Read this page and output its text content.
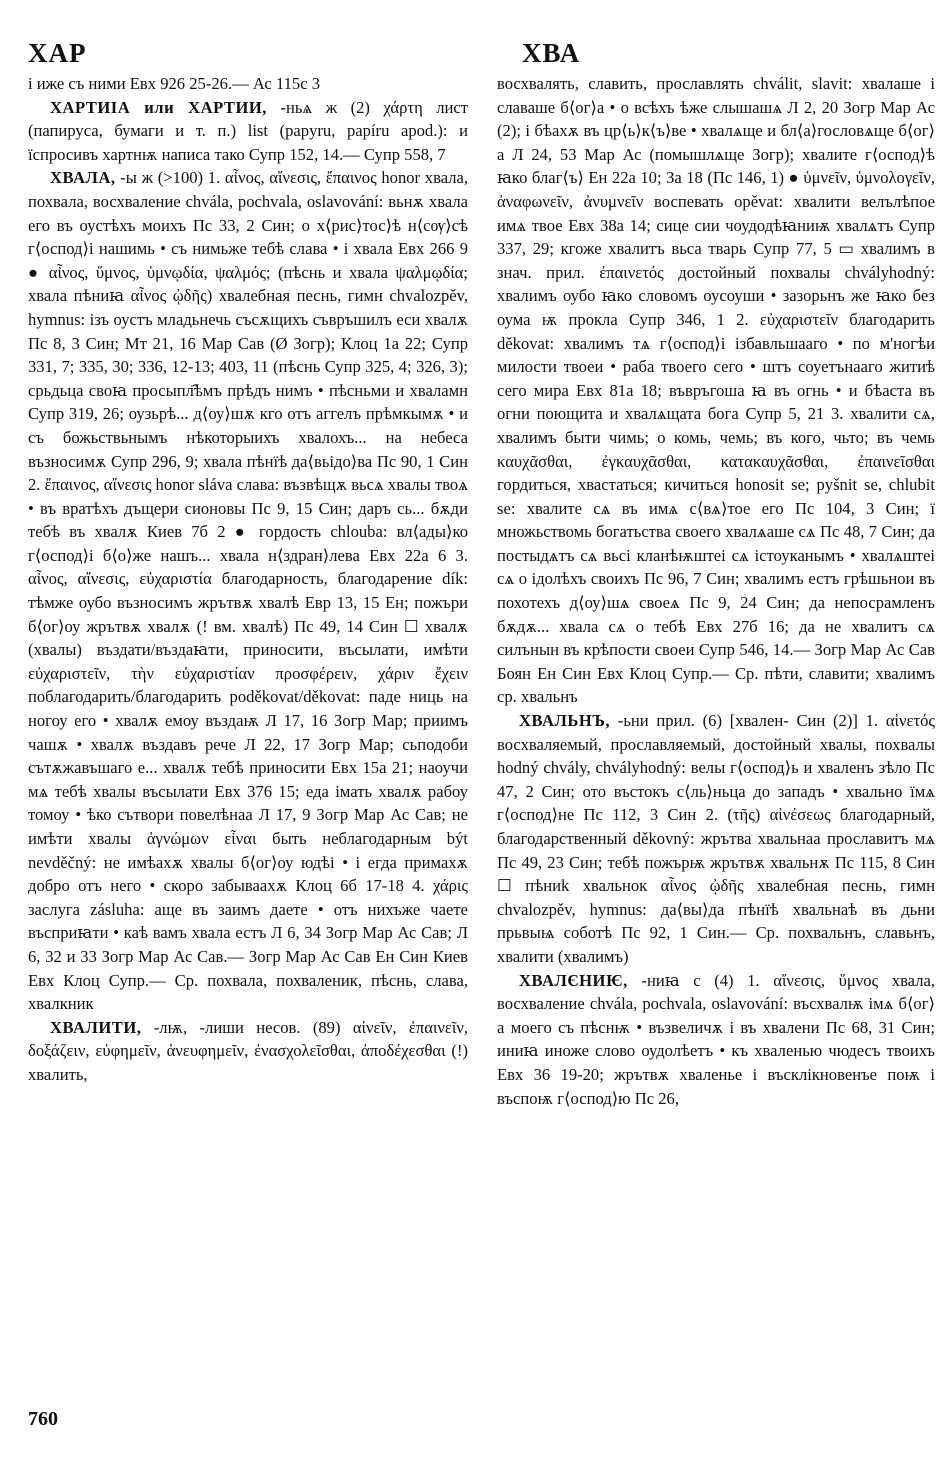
ХАР	ХВА

і иже съ ними Евх 926 25-26.— Ас 115с 3

ХАРТИІА или ХАРТИИ, -ньѧ ж (2) χάρτη лист (папируса, бумаги и т. п.) list (papyru, papíru apod.): и їспросивъ хартнѭ написа тако Супр 152, 14.— Супр 558, 7

ХВАЛА, -ы ж (>100) 1. αἶνος, αἴνεσις, ἔπαινος honor хвала, похвала, восхваление chvála, pochvala, oslavování: вьнѫ хвала его въ оустѣхъ моихъ Пс 33, 2 Син; о х⟨рис⟩тос⟩ѣ н⟨сѹ⟩сѣ г⟨оспод⟩і нашимь • съ нимьже тебѣ слава • і хвала Евх 266 9 ● αἶνος, ὕμνος, ὑμνῳδία, ψαλμός; (пѣснь и хвала ψαλμῳδία; хвала пѣниꙗ αἶνος ᾠδῆς) хвалебная песнь, гимн chvalozpěv, hymnus: ізъ оустъ младьнечь съсѫщихъ съвръшилъ еси хвалѫ Пс 8, 3 Син; Мт 21, 16 Мар Сав (Ø Зогр); Клоц 1а 22; Супр 331, 7; 335, 30; 336, 12-13; 403, 11 (пѣснь Супр 325, 4; 326, 3); срьдьца своꙗ просыпл҄ѣмъ прѣдъ нимъ • пѣсньми и хваламн Супр 319, 26; оузьрѣ... д⟨оу⟩шѫ кго отъ аггелъ прѣмкымѫ • и съ божьствьнымъ нѣкоторыихъ хвалохъ... на небеса възносимѫ Супр 296, 9; хвала пѣнїѣ да⟨вьідо⟩ва Пс 90, 1 Син 2. ἔπαινος, αἴνεσις honor sláva слава: възвѣщѫ вьсѧ хвалы твоѧ • въ вратѣхъ дъщери сионовы Пс 9, 15 Син; даръ сь... бѫди тебѣ въ хвалѫ Киев 7б 2 ● гордость chlouba: вл⟨ады⟩ко г⟨оспод⟩і б⟨о⟩же нашъ... хвала н⟨здран⟩лева Евх 22а 6 3. αἶνος, αἴνεσις, εὐχαριστία благодарность, благодарение dík: тѣмже оубо възносимъ жрътвѫ хвалѣ Евр 13, 15 Ен; пожъри б⟨ог⟩оу жрътвѫ хвалѫ (! вм. хвалѣ) Пс 49, 14 Син ☐ хвалѫ (хвалы) въздати/въздаꙗти, приносити, въсылати, имѣти εὐχαριστεῖν, τὴν εὐχαριστίαν προσφέρειν, χάριν ἔχειν поблагодарить/благодарить poděkovat/děkovat: паде ниць на ногоу его • хвалѫ емоу въздаѭ Л 17, 16 Зогр Мар; приимъ чашѫ • хвалѫ въздавъ рече Л 22, 17 Зогр Мар; сьподоби сътѫжавъшаго е... хвалѫ тебѣ приносити Евх 15а 21; наоучи мѧ тебѣ хвалы въсылати Евх 376 15; еда імать хвалѫ рабоу томоу • ѣко сътвори повелѣнаа Л 17, 9 Зогр Мар Ас Сав; не имѣти хвалы ἀγνώμων εἶναι быть неблагодарным být nevděčný: не имѣахѫ хвалы б⟨ог⟩оу юдѣі • і егда примахѫ добро отъ него • скоро забываахѫ Клоц 6б 17-18 4. χάρις заслуга zásluha: аще въ заимъ даете • отъ нихъже чаете въсприꙗти • каѣ вамъ хвала естъ Л 6, 34 Зогр Мар Ас Сав; Л 6, 32 и 33 Зогр Мар Ас Сав.— Зогр Мар Ас Сав Ен Син Киев Евх Клоц Супр.— Ср. похвала, похваленик, пѣснь, слава, хвалкник

ХВАЛИТИ, -лѭ, -лиши несов. (89) αἰνεῖν, ἐπαινεῖν, δοξάζειν, εὐφημεῖν, ἀνευφημεῖν, ἐνασχολεῖσθαι, ἀποδέχεσθαι (!) хвалить,

восхвалять, славить, прославлять chválit, slavit: хвалаше і славаше б⟨ог⟩а • о всѣхъ ѣже слышашѧ Л 2, 20 Зогр Мар Ас (2); і бѣахѫ въ цр⟨ь⟩к⟨ъ⟩ве • хвалѧще и бл⟨а⟩гословѧще б⟨ог⟩а Л 24, 53 Мар Ас (помышлѧще Зогр); хвалите г⟨оспод⟩ѣ ꙗко благ⟨ъ⟩ Ен 22а 10; За 18 (Пс 146, 1) ● ὑμνεῖν, ὑμνολογεῖν, ἀναφωνεῖν, ἀνυμνεῖν воспевать opěvat: хвалити велълѣпое имѧ твое Евх 38а 14; сице сии чоудодѣꙗниѭ хвалѧтъ Супр 337, 29; кгоже хвалитъ вьса тварь Супр 77, 5 ▭ хвалимъ в знач. прил. ἐπαινετός достойный похвалы chvályhodný: хвалимъ оубо ꙗко словомъ оусоуши • зазорьнъ же ꙗко без оума ѭ прокла Супр 346, 1 2. εὐχαριστεῖν благодарить děkovat: хвалимъ тѧ г⟨оспод⟩і ізбавльшааго • по м'ногѣи милости твоеи • раба твоего сего • штъ соуетънааго житиѣ сего мира Евх 81а 18; въвръгоша ꙗ въ огнь • и бѣаста въ огни поющита и хвалѧщата бога Супр 5, 21 3. хвалити сѧ, хвалимъ быти чимь; о комь, чемь; въ кого, чьто; въ чемь καυχᾶσθαι, ἐγκαυχᾶσθαι, κατακαυχᾶσθαι, ἐπαινεῖσθαι гордиться, хвастаться; кичиться honosit se; pyšnit se, chlubit se: хвалите сѧ въ имѧ с⟨вѧ⟩тое его Пс 104, 3 Син; ї множьствомь богатьства своего хвалѧаше сѧ Пс 48, 7 Син; да постыдѧтъ сѧ вьсі кланѣѭштеі сѧ істоуканымъ • хвалѧштеі сѧ о ідолѣхъ своихъ Пс 96, 7 Син; хвалимъ естъ грѣшьнои въ похотехъ д⟨оу⟩шѧ своеѧ Пс 9, 24 Син; да непосрамленъ бѫдѫ... хвала сѧ о тебѣ Евх 27б 16; да не хвалитъ сѧ силънын въ крѣпости своеи Супр 546, 14.— Зогр Мар Ас Сав Боян Ен Син Евх Клоц Супр.— Ср. пѣти, славити; хвалимъ ср. хвальнъ

ХВАЛЬНЪ, -ьни прил. (6) [хвален- Син (2)] 1. αἰνετός восхваляемый, прославляемый, достойный хвалы, похвалы hodný chvály, chvályhodný: велы г⟨оспод⟩ь и хваленъ зѣло Пс 47, 2 Син; ото въстокъ с⟨ль⟩ньца до западъ • хвально їмѧ г⟨оспод⟩не Пс 112, 3 Син 2. (τῆς) αἰνέσεως благодарный, благодарственный děkovný: жрътва хвальнаа прославитъ мѧ Пс 49, 23 Син; тебѣ пожърѭ жрътвѫ хвальнѫ Пс 115, 8 Син ☐ пѣниk хвальнок αἶνος ᾠδῆς хвалебная песнь, гимн chvalozpěv, hymnus: да⟨вы⟩да пѣнїѣ хвальнаѣ въ дьни прьвыѩ соботѣ Пс 92, 1 Син.— Ср. похвальнъ, славьнъ, хвалити (хвалимъ)

ХВАЛЄНИѤ, -ниꙗ с (4) 1. αἴνεσις, ὕμνος хвала, восхваление chvála, pochvala, oslavování: въсхвалѭ імѧ б⟨ог⟩а моего съ пѣснѭ • възвеличѫ і въ хвалени Пс 68, 31 Син; иниꙗ иноже слово оудолѣетъ • къ хваленью чюдесъ твоихъ Евх 36 19-20; жрътвѫ хваленье і въсклікновенъе поѭ і въспоѭ г⟨оспод⟩ю Пс 26,

760
